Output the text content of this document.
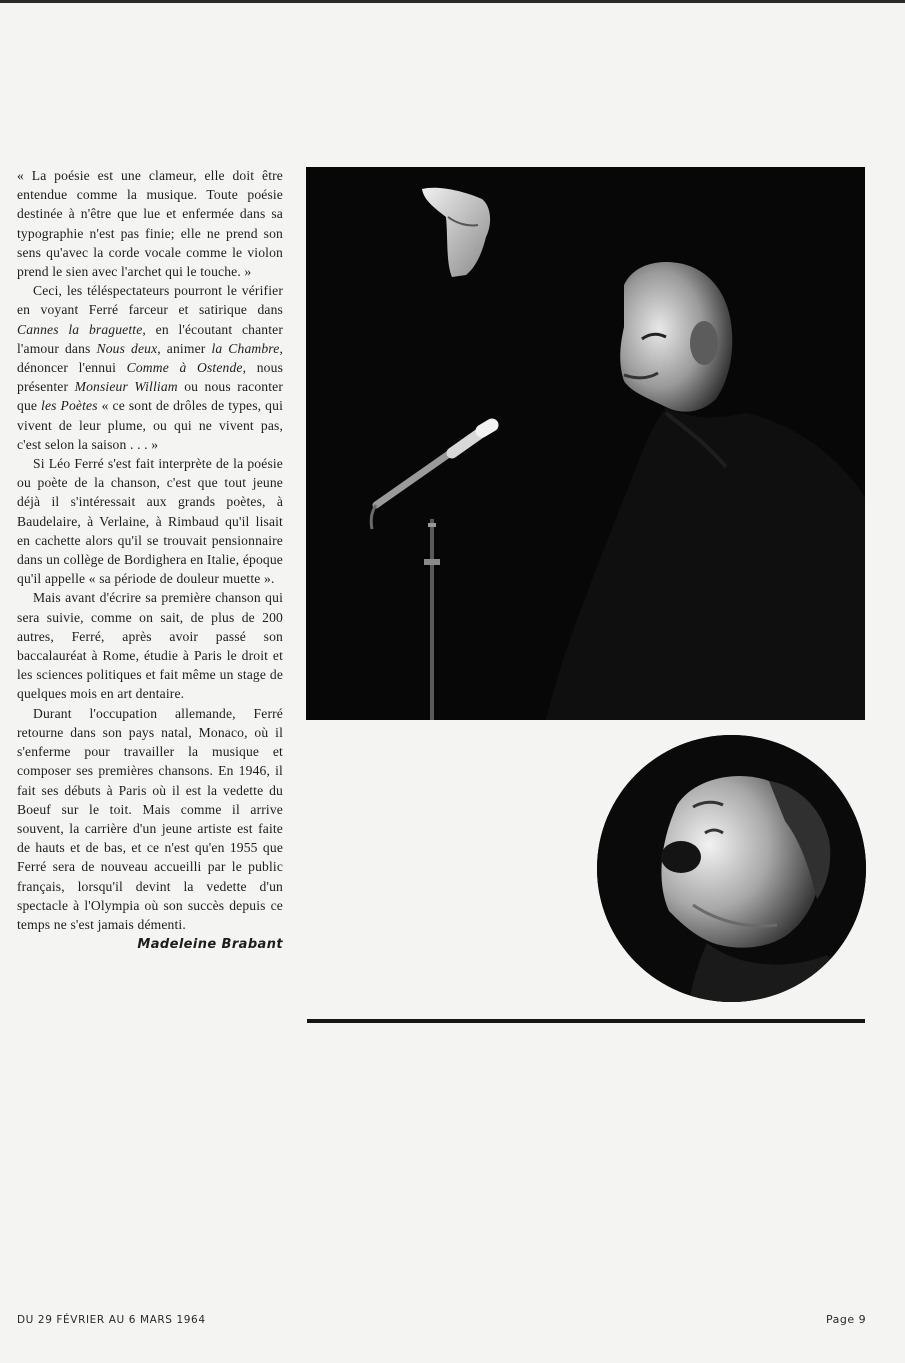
« La poésie est une clameur, elle doit être entendue comme la musique. Toute poésie destinée à n'être que lue et enfermée dans sa typographie n'est pas finie; elle ne prend son sens qu'avec la corde vocale comme le violon prend le sien avec l'archet qui le touche. »

Ceci, les téléspectateurs pourront le vérifier en voyant Ferré farceur et satirique dans Cannes la braguette, en l'écoutant chanter l'amour dans Nous deux, animer la Chambre, dénoncer l'ennui Comme à Ostende, nous présenter Monsieur William ou nous raconter que les Poètes « ce sont de drôles de types, qui vivent de leur plume, ou qui ne vivent pas, c'est selon la saison . . . »

Si Léo Ferré s'est fait interprète de la poésie ou poète de la chanson, c'est que tout jeune déjà il s'intéressait aux grands poètes, à Baudelaire, à Verlaine, à Rimbaud qu'il lisait en cachette alors qu'il se trouvait pensionnaire dans un collège de Bordighera en Italie, époque qu'il appelle « sa période de douleur muette ».

Mais avant d'écrire sa première chanson qui sera suivie, comme on sait, de plus de 200 autres, Ferré, après avoir passé son baccalauréat à Rome, étudie à Paris le droit et les sciences politiques et fait même un stage de quelques mois en art dentaire.

Durant l'occupation allemande, Ferré retourne dans son pays natal, Monaco, où il s'enferme pour travailler la musique et composer ses premières chansons. En 1946, il fait ses débuts à Paris où il est la vedette du Boeuf sur le toit. Mais comme il arrive souvent, la carrière d'un jeune artiste est faite de hauts et de bas, et ce n'est qu'en 1955 que Ferré sera de nouveau accueilli par le public français, lorsqu'il devint la vedette d'un spectacle à l'Olympia où son succès depuis ce temps ne s'est jamais démenti.

Madeleine Brabant
DU 29 FÉVRIER AU 6 MARS 1964	Page 9
